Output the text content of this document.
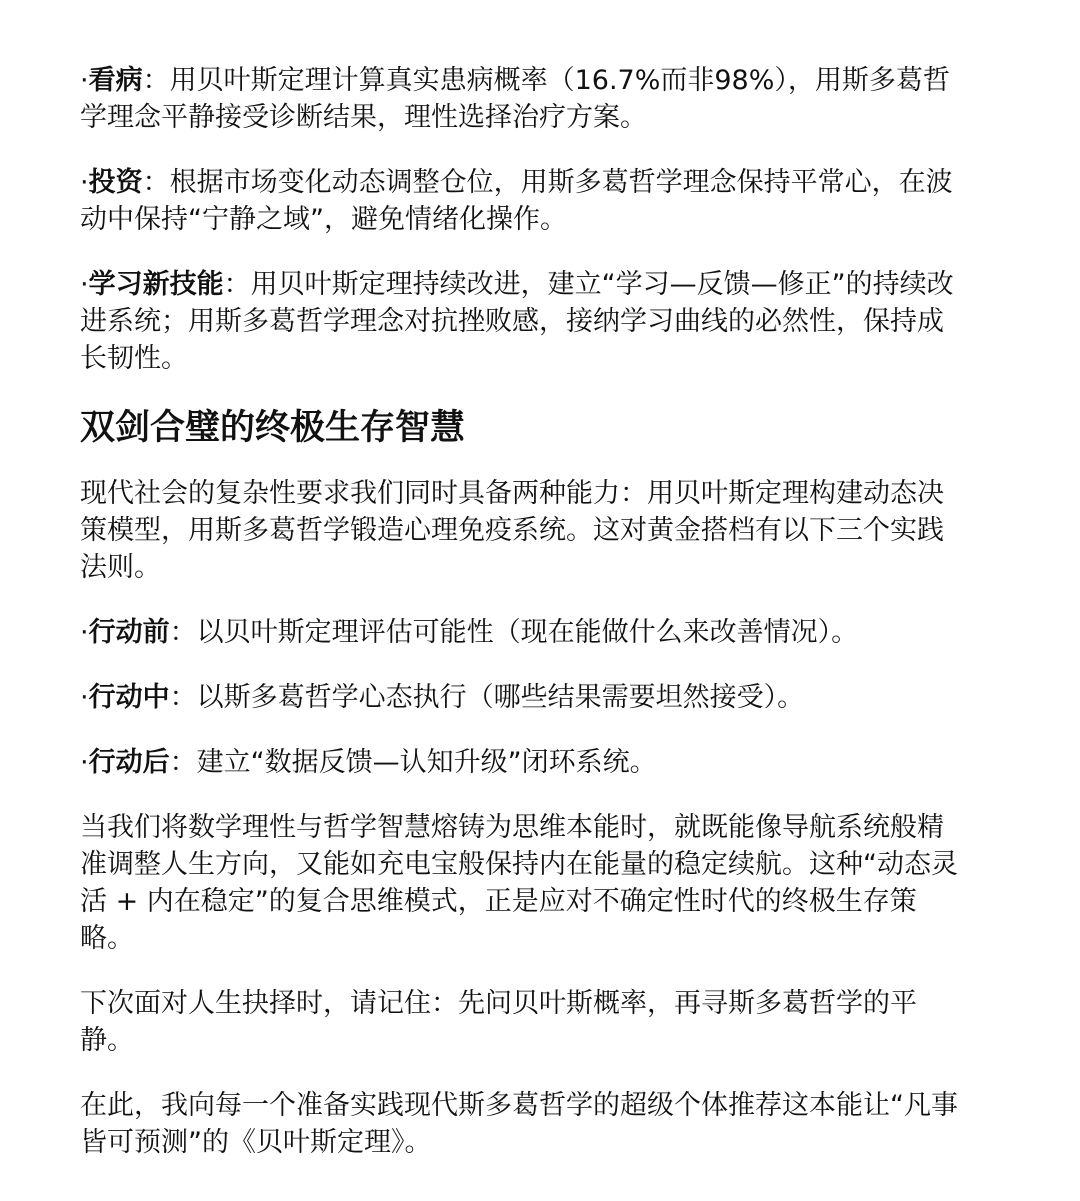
·看病：用贝叶斯定理计算真实患病概率（16.7%而非98%），用斯多葛哲学理念平静接受诊断结果，理性选择治疗方案。

·投资：根据市场变化动态调整仓位，用斯多葛哲学理念保持平常心，在波动中保持“宁静之域”，避免情绪化操作。

·学习新技能：用贝叶斯定理持续改进，建立“学习—反馈—修正”的持续改进系统；用斯多葛哲学理念对抗挫败感，接纳学习曲线的必然性，保持成长韧性。

双剑合璧的终极生存智慧

现代社会的复杂性要求我们同时具备两种能力：用贝叶斯定理构建动态决策模型，用斯多葛哲学锻造心理免疫系统。这对黄金搭档有以下三个实践法则。

·行动前：以贝叶斯定理评估可能性（现在能做什么来改善情况）。

·行动中：以斯多葛哲学心态执行（哪些结果需要坦然接受）。

·行动后：建立“数据反馈—认知升级”闭环系统。

当我们将数学理性与哲学智慧熔铸为思维本能时，就既能像导航系统般精准调整人生方向，又能如充电宝般保持内在能量的稳定续航。这种“动态灵活 + 内在稳定”的复合思维模式，正是应对不确定性时代的终极生存策略。

下次面对人生抉择时，请记住：先问贝叶斯概率，再寻斯多葛哲学的平静。

在此，我向每一个准备实践现代斯多葛哲学的超级个体推荐这本能让“凡事皆可预测”的《贝叶斯定理》。
